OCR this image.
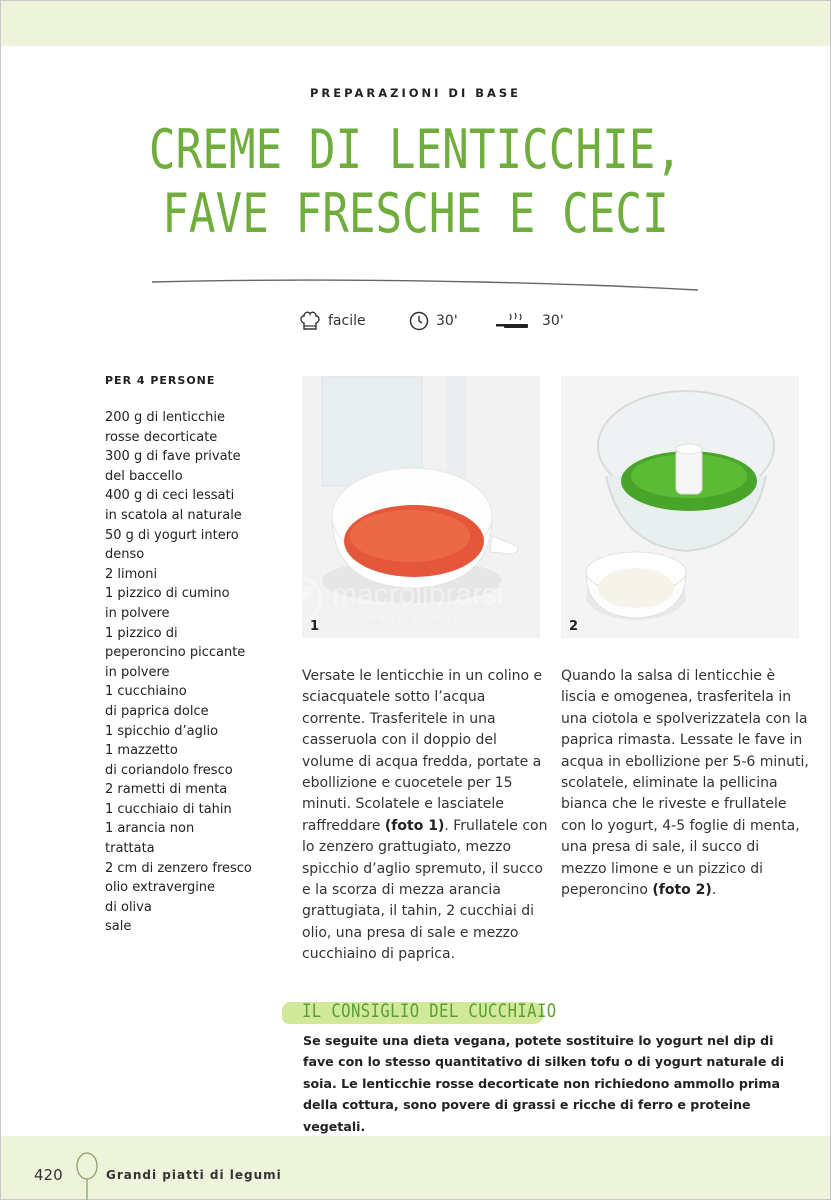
PREPARAZIONI DI BASE
CREME DI LENTICCHIE,
FAVE FRESCHE E CECI
facile	30'	30'
PER 4 PERSONE
200 g di lenticchie
rosse decorticate
300 g di fave private
del baccello
400 g di ceci lessati
in scatola al naturale
50 g di yogurt intero
denso
2 limoni
1 pizzico di cumino
in polvere
1 pizzico di
peperoncino piccante
in polvere
1 cucchiaino
di paprica dolce
1 spicchio d’aglio
1 mazzetto
di coriandolo fresco
2 rametti di menta
1 cucchiaio di tahin
1 arancia non
trattata
2 cm di zenzero fresco
olio extravergine
di oliva
sale
1	2
macrolibrarsi
ALTERNATIVA NATURALE
Versate le lenticchie in un colino e sciacquatele sotto l’acqua corrente. Trasferitele in una casseruola con il doppio del volume di acqua fredda, portate a ebollizione e cuocetele per 15 minuti. Scolatele e lasciatele raffreddare (foto 1). Frullatele con lo zenzero grattugiato, mezzo spicchio d’aglio spremuto, il succo e la scorza di mezza arancia grattugiata, il tahin, 2 cucchiai di olio, una presa di sale e mezzo cucchiaino di paprica.
Quando la salsa di lenticchie è liscia e omogenea, trasferitela in una ciotola e spolverizzatela con la paprica rimasta. Lessate le fave in acqua in ebollizione per 5-6 minuti, scolatele, eliminate la pellicina bianca che le riveste e frullatele con lo yogurt, 4-5 foglie di menta, una presa di sale, il succo di mezzo limone e un pizzico di peperoncino (foto 2).
IL CONSIGLIO DEL CUCCHIAIO
Se seguite una dieta vegana, potete sostituire lo yogurt nel dip di fave con lo stesso quantitativo di silken tofu o di yogurt naturale di soia. Le lenticchie rosse decorticate non richiedono ammollo prima della cottura, sono povere di grassi e ricche di ferro e proteine vegetali.
420	Grandi piatti di legumi
